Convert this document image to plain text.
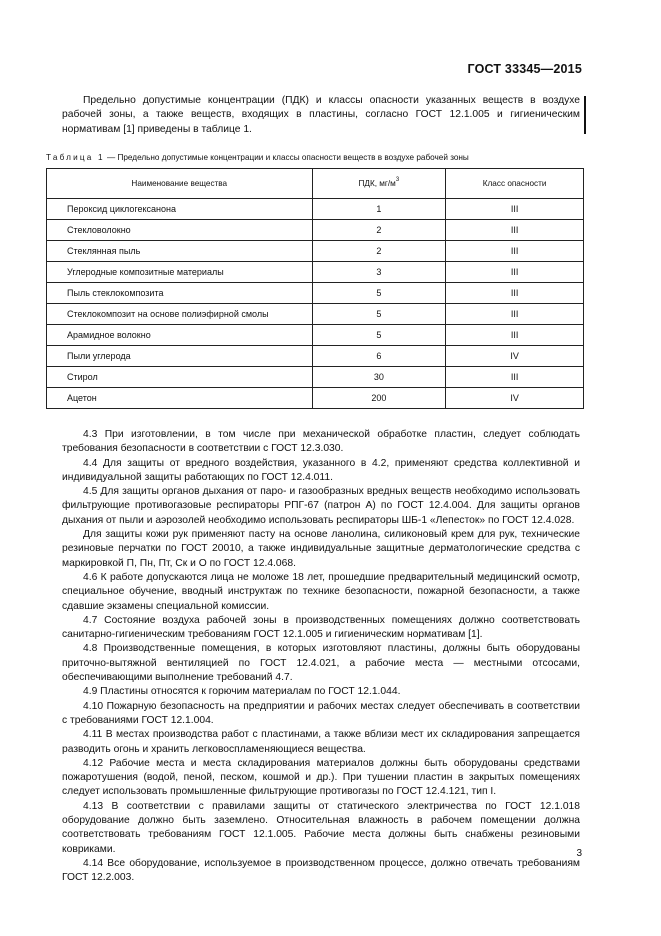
ГОСТ 33345—2015
Предельно допустимые концентрации (ПДК) и классы опасности указанных веществ в воздухе рабочей зоны, а также веществ, входящих в пластины, согласно ГОСТ 12.1.005 и гигиеническим нормативам [1] приведены в таблице 1.
Таблица 1 — Предельно допустимые концентрации и классы опасности веществ в воздухе рабочей зоны
Наименование вещества	ПДК, $мг/м^3$	Класс опасности
Пероксид циклогексанона	1	III
Стекловолокно	2	III
Стеклянная пыль	2	III
Углеродные композитные материалы	3	III
Пыль стеклокомпозита	5	III
Стеклокомпозит на основе полиэфирной смолы	5	III
Арамидное волокно	5	III
Пыли углерода	6	IV
Стирол	30	III
Ацетон	200	IV

4.3 При изготовлении, в том числе при механической обработке пластин, следует соблюдать требования безопасности в соответствии с ГОСТ 12.3.030.

4.4 Для защиты от вредного воздействия, указанного в 4.2, применяют средства коллективной и индивидуальной защиты работающих по ГОСТ 12.4.011.

4.5 Для защиты органов дыхания от паро- и газообразных вредных веществ необходимо использовать фильтрующие противогазовые респираторы РПГ-67 (патрон А) по ГОСТ 12.4.004. Для защиты органов дыхания от пыли и аэрозолей необходимо использовать респираторы ШБ-1 «Лепесток» по ГОСТ 12.4.028.

Для защиты кожи рук применяют пасту на основе ланолина, силиконовый крем для рук, технические резиновые перчатки по ГОСТ 20010, а также индивидуальные защитные дерматологические средства с маркировкой П, Пн, Пт, Ск и О по ГОСТ 12.4.068.

4.6 К работе допускаются лица не моложе 18 лет, прошедшие предварительный медицинский осмотр, специальное обучение, вводный инструктаж по технике безопасности, пожарной безопасности, а также сдавшие экзамены специальной комиссии.

4.7 Состояние воздуха рабочей зоны в производственных помещениях должно соответствовать санитарно-гигиеническим требованиям ГОСТ 12.1.005 и гигиеническим нормативам [1].

4.8 Производственные помещения, в которых изготовляют пластины, должны быть оборудованы приточно-вытяжной вентиляцией по ГОСТ 12.4.021, а рабочие места — местными отсосами, обеспечивающими выполнение требований 4.7.

4.9 Пластины относятся к горючим материалам по ГОСТ 12.1.044.

4.10 Пожарную безопасность на предприятии и рабочих местах следует обеспечивать в соответствии с требованиями ГОСТ 12.1.004.

4.11 В местах производства работ с пластинами, а также вблизи мест их складирования запрещается разводить огонь и хранить легковоспламеняющиеся вещества.

4.12 Рабочие места и места складирования материалов должны быть оборудованы средствами пожаротушения (водой, пеной, песком, кошмой и др.). При тушении пластин в закрытых помещениях следует использовать промышленные фильтрующие противогазы по ГОСТ 12.4.121, тип I.

4.13 В соответствии с правилами защиты от статического электричества по ГОСТ 12.1.018 оборудование должно быть заземлено. Относительная влажность в рабочем помещении должна соответствовать требованиям ГОСТ 12.1.005. Рабочие места должны быть снабжены резиновыми ковриками.

4.14 Все оборудование, используемое в производственном процессе, должно отвечать требованиям ГОСТ 12.2.003.

3
